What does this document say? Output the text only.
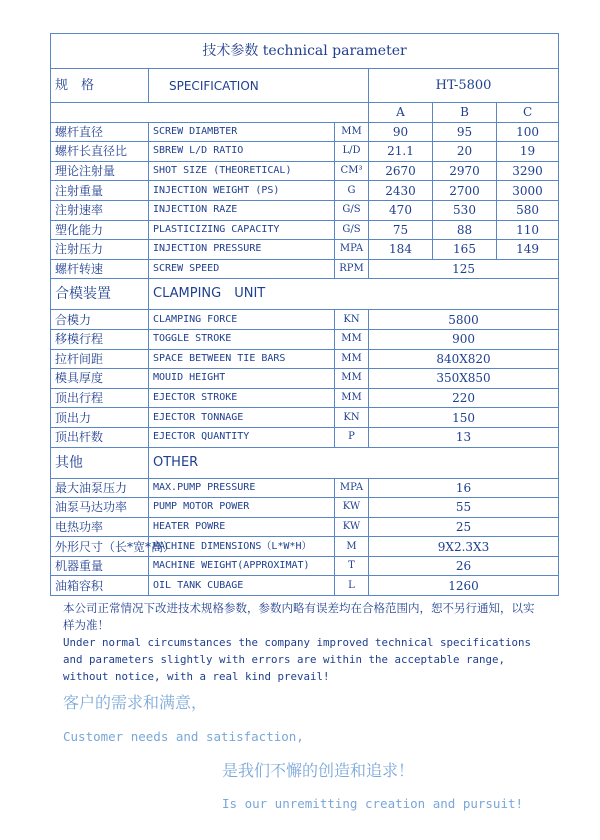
技术参数 technical parameter					
规　格	SPECIFICATION		HT-5800		
			A	B	C
螺杆直径	SCREW DIAMBTER	MM	90	95	100
螺杆长直径比	SBREW L/D RATIO	L/D	21.1	20	19
理论注射量	SHOT SIZE (THEORETICAL)	CM³	2670	2970	3290
注射重量	INJECTION WEIGHT (PS)	G	2430	2700	3000
注射速率	INJECTION RAZE	G/S	470	530	580
塑化能力	PLASTICIZING CAPACITY	G/S	75	88	110
注射压力	INJECTION PRESSURE	MPA	184	165	149
螺杆转速	SCREW SPEED	RPM	125		
合模装置	CLAMPING　UNIT				
合模力	CLAMPING FORCE	KN	5800		
移模行程	TOGGLE STROKE	MM	900		
拉杆间距	SPACE BETWEEN TIE BARS	MM	840X820		
模具厚度	MOUID HEIGHT	MM	350X850		
顶出行程	EJECTOR STROKE	MM	220		
顶出力	EJECTOR TONNAGE	KN	150		
顶出杆数	EJECTOR QUANTITY	P	13		
其他	OTHER				
最大油泵压力	MAX.PUMP PRESSURE	MPA	16		
油泵马达功率	PUMP MOTOR POWER	KW	55		
电热功率	HEATER POWRE	KW	25		
外形尺寸（长*宽*高）	MACHINE DIMENSIONS（L*W*H）	M	9X2.3X3		
机器重量	MACHINE WEIGHT(APPROXIMAT)	T	26		
油箱容积	OIL TANK CUBAGE	L	1260		
本公司正常情况下改进技术规格参数，参数内略有误差均在合格范围内，恕不另行通知，以实样为准！
Under normal circumstances the company improved technical specifications and parameters slightly with errors are within the acceptable range, without notice, with a real kind prevail!
客户的需求和满意，
Customer needs and satisfaction,
是我们不懈的创造和追求！
Is our unremitting creation and pursuit!
